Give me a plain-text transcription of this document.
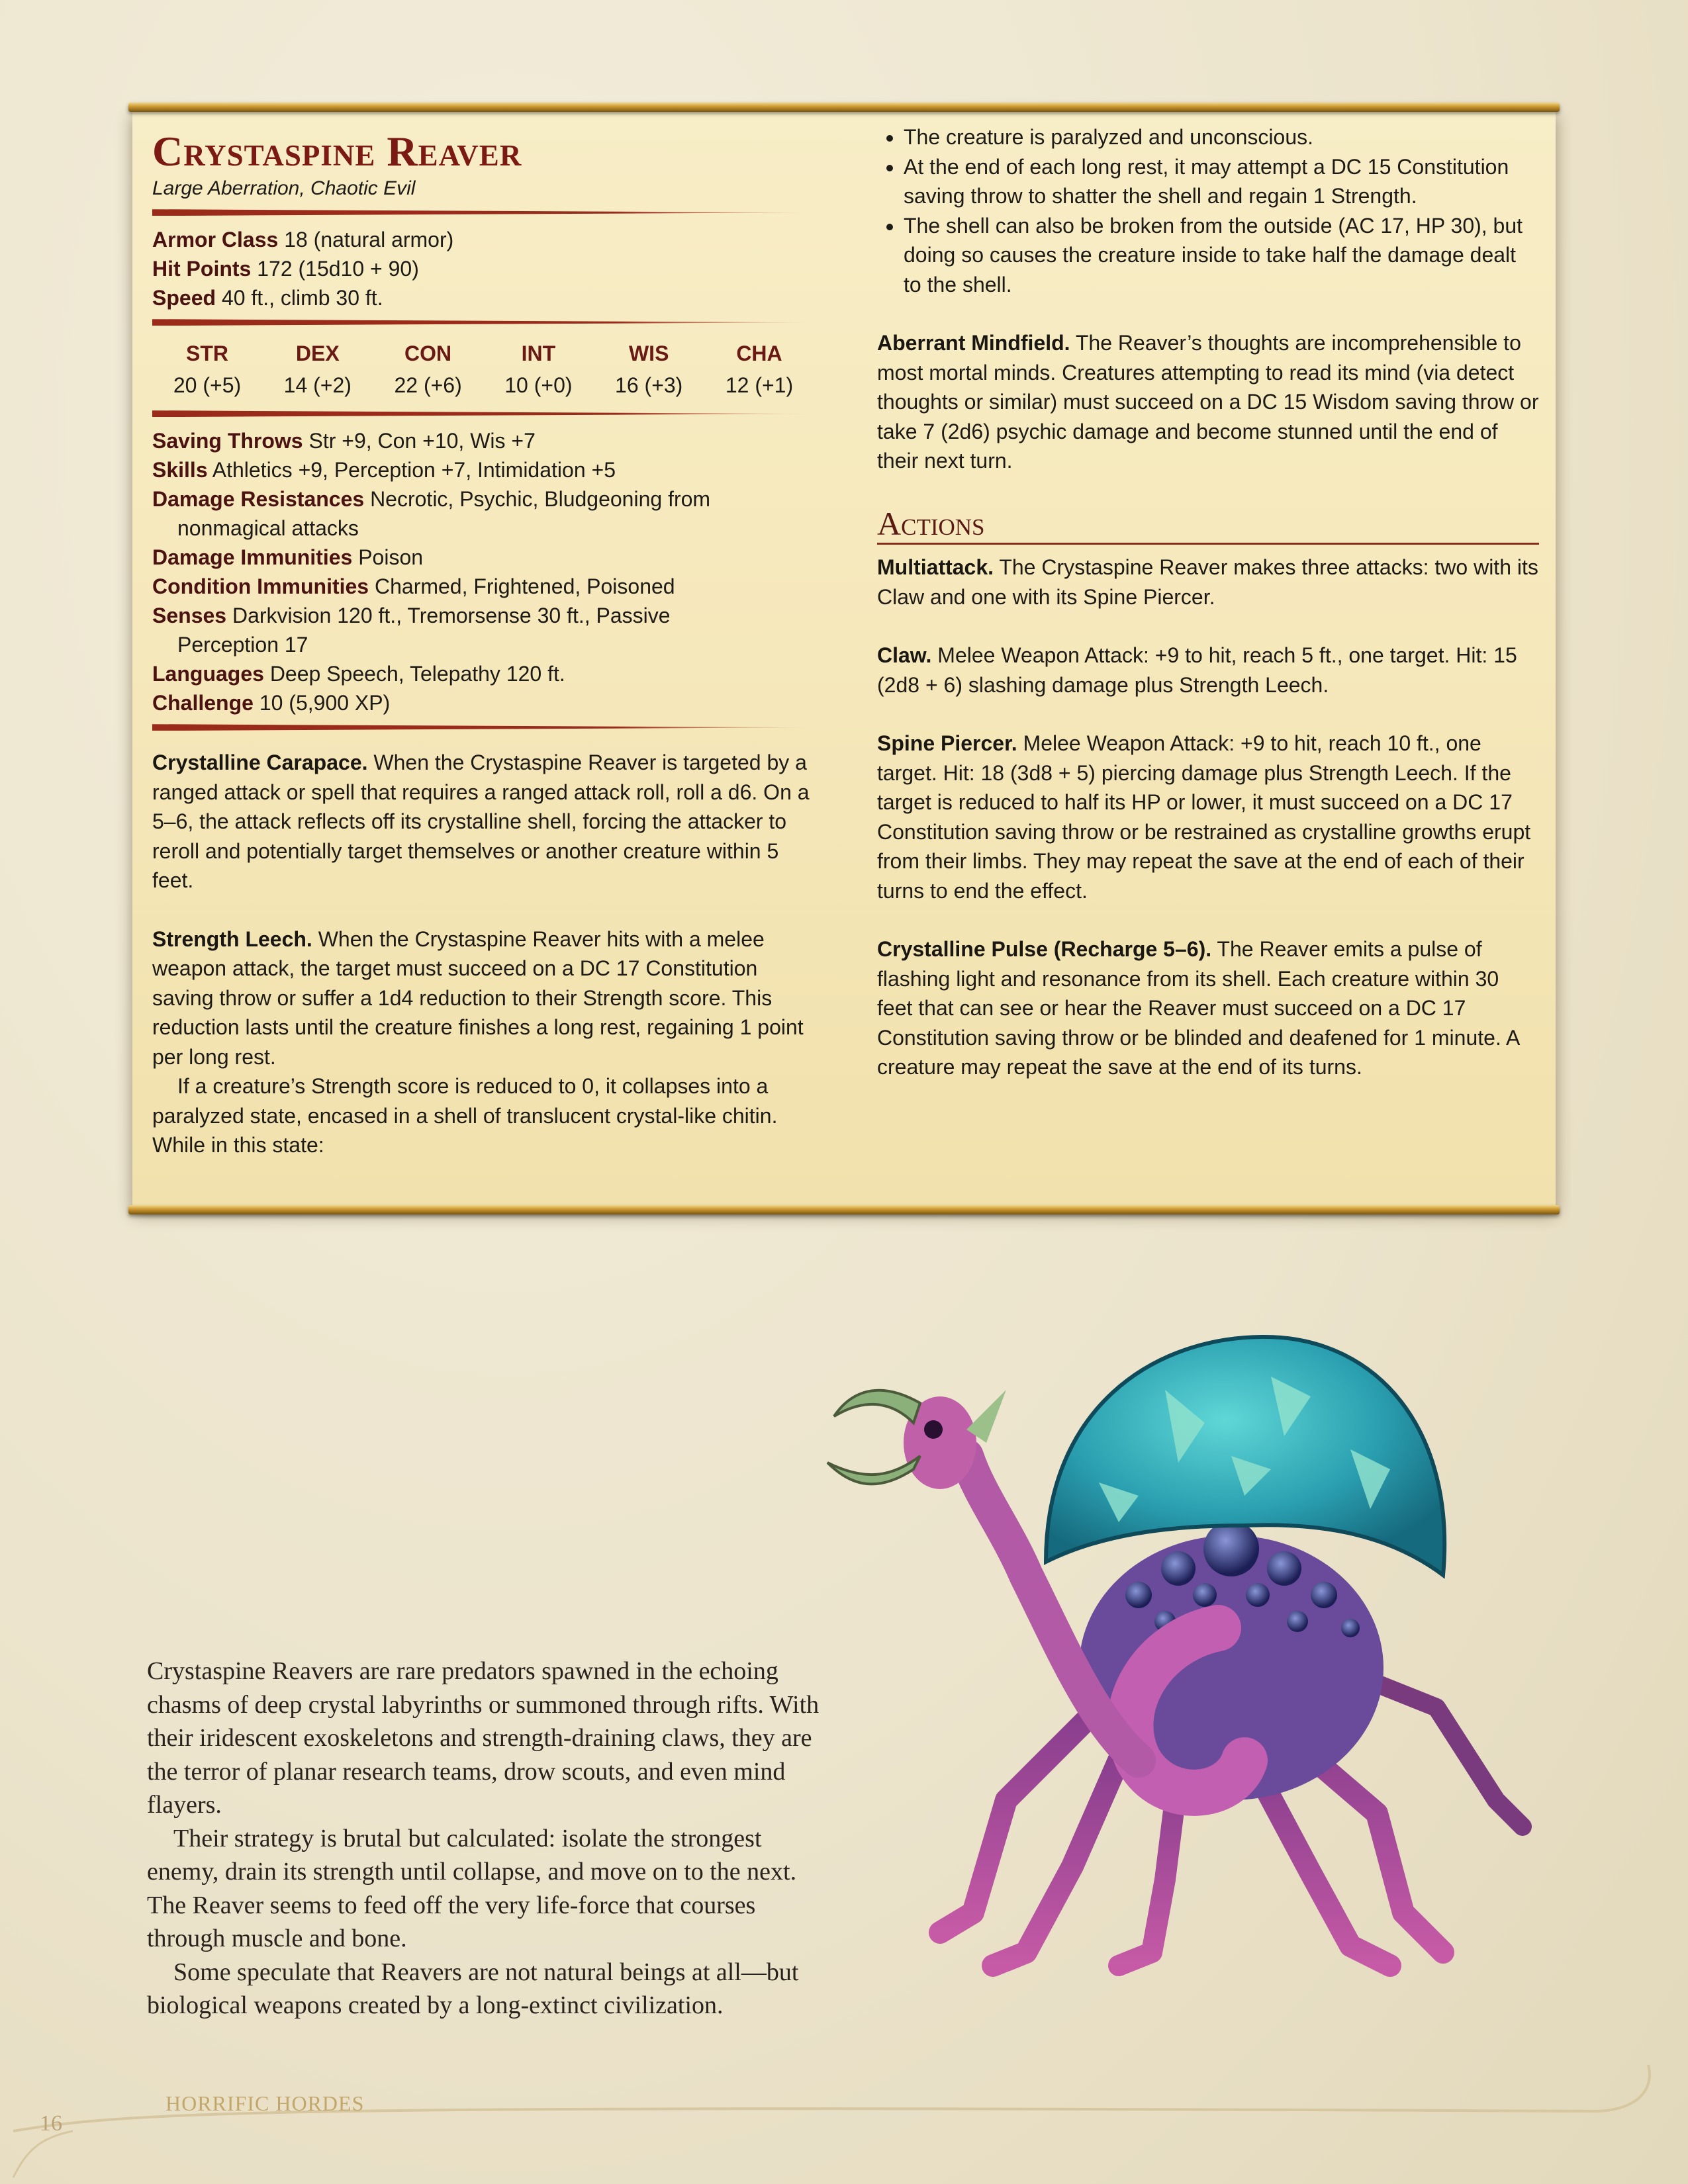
Crystaspine Reaver
Large Aberration, Chaotic Evil
Armor Class 18 (natural armor)
Hit Points 172 (15d10 + 90)
Speed 40 ft., climb 30 ft.
STR
20 (+5)
DEX
14 (+2)
CON
22 (+6)
INT
10 (+0)
WIS
16 (+3)
CHA
12 (+1)
Saving Throws Str +9, Con +10, Wis +7
Skills Athletics +9, Perception +7, Intimidation +5
Damage Resistances Necrotic, Psychic, Bludgeoning from
nonmagical attacks
Damage Immunities Poison
Condition Immunities Charmed, Frightened, Poisoned
Senses Darkvision 120 ft., Tremorsense 30 ft., Passive
Perception 17
Languages Deep Speech, Telepathy 120 ft.
Challenge 10 (5,900 XP)

Crystalline Carapace. When the Crystaspine Reaver is targeted by a ranged attack or spell that requires a ranged attack roll, roll a d6. On a 5–6, the attack reflects off its crystalline shell, forcing the attacker to reroll and potentially target themselves or another creature within 5 feet.

Strength Leech. When the Crystaspine Reaver hits with a melee weapon attack, the target must succeed on a DC 17 Constitution saving throw or suffer a 1d4 reduction to their Strength score. This reduction lasts until the creature finishes a long rest, regaining 1 point per long rest.

If a creature’s Strength score is reduced to 0, it collapses into a paralyzed state, encased in a shell of translucent crystal-like chitin. While in this state:

• The creature is paralyzed and unconscious.
• At the end of each long rest, it may attempt a DC 15 Constitution saving throw to shatter the shell and regain 1 Strength.
• The shell can also be broken from the outside (AC 17, HP 30), but doing so causes the creature inside to take half the damage dealt to the shell.

Aberrant Mindfield. The Reaver’s thoughts are incomprehensible to most mortal minds. Creatures attempting to read its mind (via detect thoughts or similar) must succeed on a DC 15 Wisdom saving throw or take 7 (2d6) psychic damage and become stunned until the end of their next turn.

Actions

Multiattack. The Crystaspine Reaver makes three attacks: two with its Claw and one with its Spine Piercer.

Claw. Melee Weapon Attack: +9 to hit, reach 5 ft., one target. Hit: 15 (2d8 + 6) slashing damage plus Strength Leech.

Spine Piercer. Melee Weapon Attack: +9 to hit, reach 10 ft., one target. Hit: 18 (3d8 + 5) piercing damage plus Strength Leech. If the target is reduced to half its HP or lower, it must succeed on a DC 17 Constitution saving throw or be restrained as crystalline growths erupt from their limbs. They may repeat the save at the end of each of their turns to end the effect.

Crystalline Pulse (Recharge 5–6). The Reaver emits a pulse of flashing light and resonance from its shell. Each creature within 30 feet that can see or hear the Reaver must succeed on a DC 17 Constitution saving throw or be blinded and deafened for 1 minute. A creature may repeat the save at the end of its turns.

Crystaspine Reavers are rare predators spawned in the echoing chasms of deep crystal labyrinths or summoned through rifts. With their iridescent exoskeletons and strength-draining claws, they are the terror of planar research teams, drow scouts, and even mind flayers.

Their strategy is brutal but calculated: isolate the strongest enemy, drain its strength until collapse, and move on to the next. The Reaver seems to feed off the very life-force that courses through muscle and bone.

Some speculate that Reavers are not natural beings at all—but biological weapons created by a long-extinct civilization.

HORRIFIC HORDES
16
